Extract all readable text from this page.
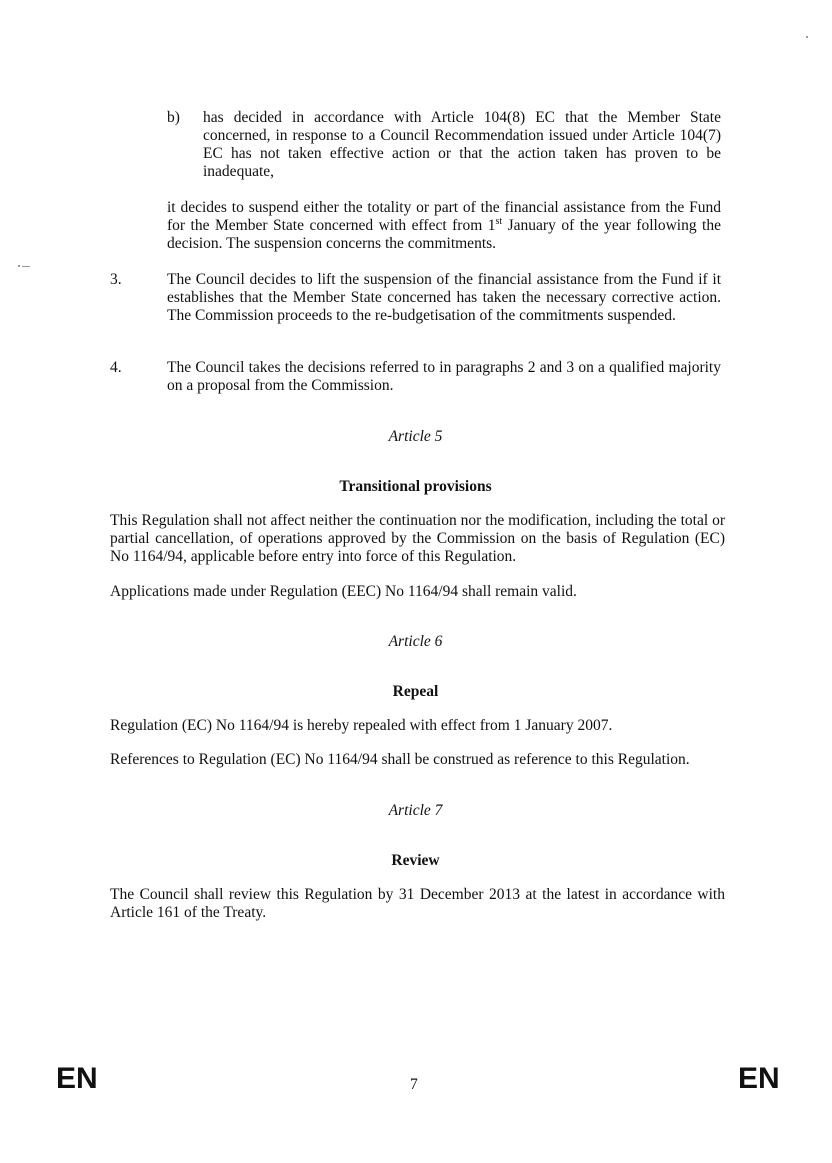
b) has decided in accordance with Article 104(8) EC that the Member State concerned, in response to a Council Recommendation issued under Article 104(7) EC has not taken effective action or that the action taken has proven to be inadequate,
it decides to suspend either the totality or part of the financial assistance from the Fund for the Member State concerned with effect from 1st January of the year following the decision. The suspension concerns the commitments.
3.	The Council decides to lift the suspension of the financial assistance from the Fund if it establishes that the Member State concerned has taken the necessary corrective action. The Commission proceeds to the re-budgetisation of the commitments suspended.
4.	The Council takes the decisions referred to in paragraphs 2 and 3 on a qualified majority on a proposal from the Commission.
Article 5
Transitional provisions
This Regulation shall not affect neither the continuation nor the modification, including the total or partial cancellation, of operations approved by the Commission on the basis of Regulation (EC) No 1164/94, applicable before entry into force of this Regulation.
Applications made under Regulation (EEC) No 1164/94 shall remain valid.
Article 6
Repeal
Regulation (EC) No 1164/94 is hereby repealed with effect from 1 January 2007.
References to Regulation (EC) No 1164/94 shall be construed as reference to this Regulation.
Article 7
Review
The Council shall review this Regulation by 31 December 2013 at the latest in accordance with Article 161 of the Treaty.
EN	7	EN
